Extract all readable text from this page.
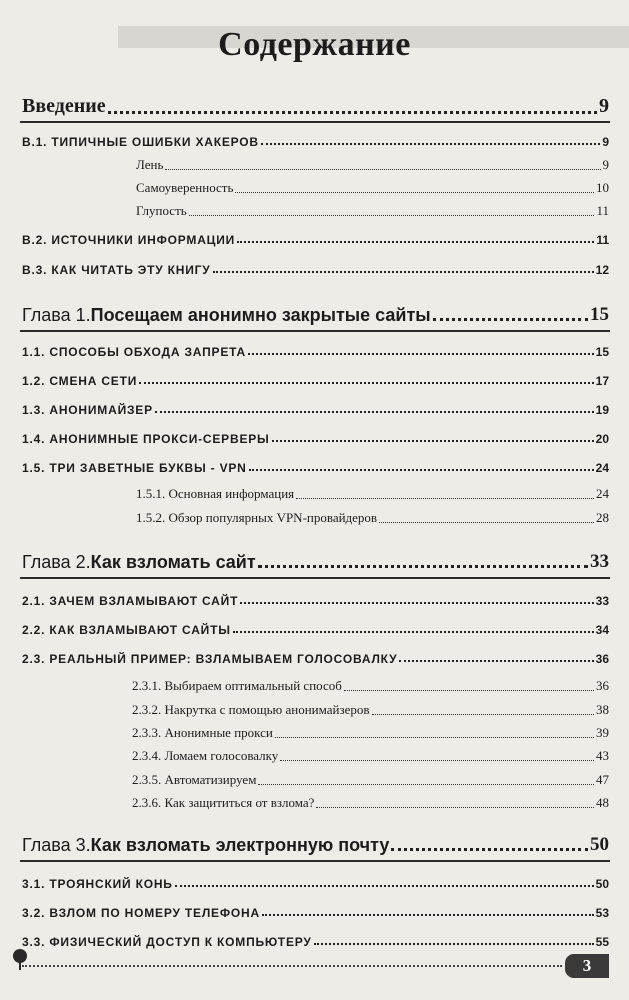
Содержание
Введение	9
В.1. ТИПИЧНЫЕ ОШИБКИ ХАКЕРОВ	9
Лень	9
Самоуверенность	10
Глупость	11
В.2. ИСТОЧНИКИ ИНФОРМАЦИИ	11
В.3. КАК ЧИТАТЬ ЭТУ КНИГУ	12
Глава 1. Посещаем анонимно закрытые сайты	15
1.1. СПОСОБЫ ОБХОДА ЗАПРЕТА	15
1.2. СМЕНА СЕТИ	17
1.3. АНОНИМАЙЗЕР	19
1.4. АНОНИМНЫЕ ПРОКСИ-СЕРВЕРЫ	20
1.5. ТРИ ЗАВЕТНЫЕ БУКВЫ - VPN	24
1.5.1. Основная информация	24
1.5.2. Обзор популярных VPN-провайдеров	28
Глава 2. Как взломать сайт	33
2.1. ЗАЧЕМ ВЗЛАМЫВАЮТ САЙТ	33
2.2. КАК ВЗЛАМЫВАЮТ САЙТЫ	34
2.3. РЕАЛЬНЫЙ ПРИМЕР: ВЗЛАМЫВАЕМ ГОЛОСОВАЛКУ	36
2.3.1. Выбираем оптимальный способ	36
2.3.2. Накрутка с помощью анонимайзеров	38
2.3.3. Анонимные прокси	39
2.3.4. Ломаем голосовалку	43
2.3.5. Автоматизируем	47
2.3.6. Как защититься от взлома?	48
Глава 3. Как взломать электронную почту	50
3.1. ТРОЯНСКИЙ КОНЬ	50
3.2. ВЗЛОМ ПО НОМЕРУ ТЕЛЕФОНА	53
3.3. ФИЗИЧЕСКИЙ ДОСТУП К КОМПЬЮТЕРУ	55
3
